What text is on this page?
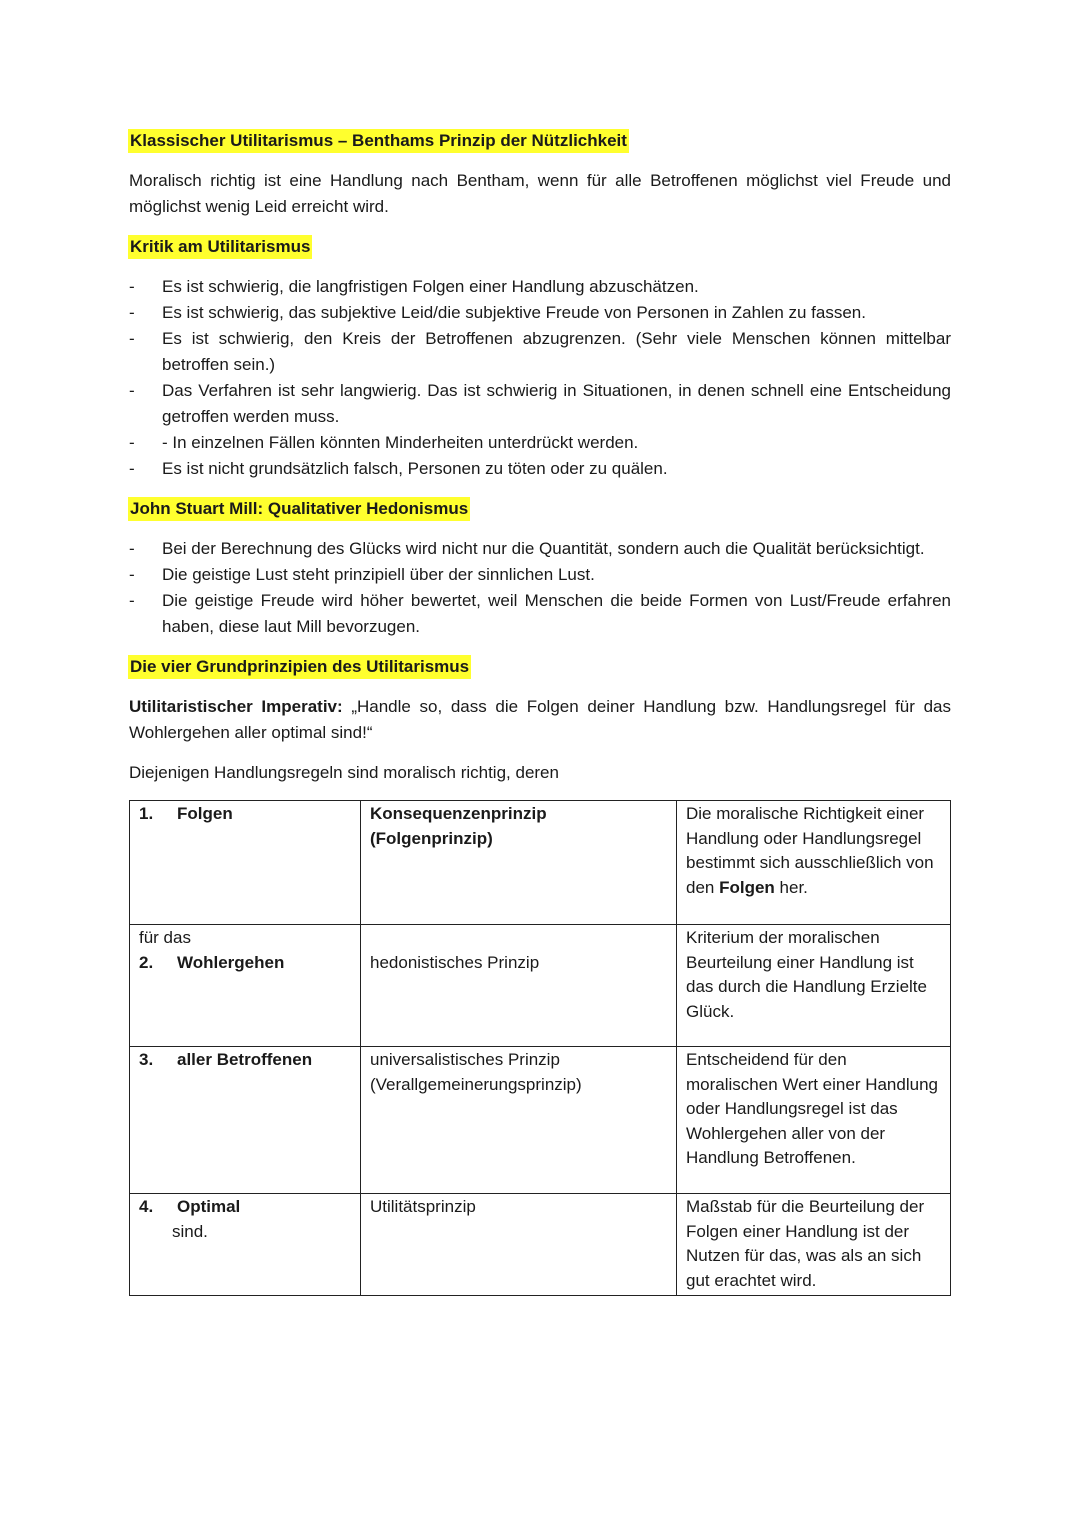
Klassischer Utilitarismus – Benthams Prinzip der Nützlichkeit

Moralisch richtig ist eine Handlung nach Bentham, wenn für alle Betroffenen möglichst viel Freude und möglichst wenig Leid erreicht wird.

Kritik am Utilitarismus
- Es ist schwierig, die langfristigen Folgen einer Handlung abzuschätzen.
- Es ist schwierig, das subjektive Leid/die subjektive Freude von Personen in Zahlen zu fassen.
- Es ist schwierig, den Kreis der Betroffenen abzugrenzen. (Sehr viele Menschen können mittelbar betroffen sein.)
- Das Verfahren ist sehr langwierig. Das ist schwierig in Situationen, in denen schnell eine Entscheidung getroffen werden muss.
- - In einzelnen Fällen könnten Minderheiten unterdrückt werden.
- Es ist nicht grundsätzlich falsch, Personen zu töten oder zu quälen.
John Stuart Mill: Qualitativer Hedonismus
- Bei der Berechnung des Glücks wird nicht nur die Quantität, sondern auch die Qualität berücksichtigt.
- Die geistige Lust steht prinzipiell über der sinnlichen Lust.
- Die geistige Freude wird höher bewertet, weil Menschen die beide Formen von Lust/Freude erfahren haben, diese laut Mill bevorzugen.
Die vier Grundprinzipien des Utilitarismus

Utilitaristischer Imperativ: „Handle so, dass die Folgen deiner Handlung bzw. Handlungsregel für das Wohlergehen aller optimal sind!“

Diejenigen Handlungsregeln sind moralisch richtig, deren

1. Folgen	Konsequenzenprinzip (Folgenprinzip)	Die moralische Richtigkeit einer Handlung oder Handlungsregel bestimmt sich ausschließlich von den Folgen her.

für das
2. Wohlergehen	hedonistisches Prinzip	Kriterium der moralischen Beurteilung einer Handlung ist das durch die Handlung Erzielte Glück.
3. aller Betroffenen	universalistisches Prinzip (Verallgemeinerungsprinzip)	Entscheidend für den moralischen Wert einer Handlung oder Handlungsregel ist das Wohlergehen aller von der Handlung Betroffenen.
4. Optimal
sind.	Utilitätsprinzip	Maßstab für die Beurteilung der Folgen einer Handlung ist der Nutzen für das, was als an sich gut erachtet wird.
